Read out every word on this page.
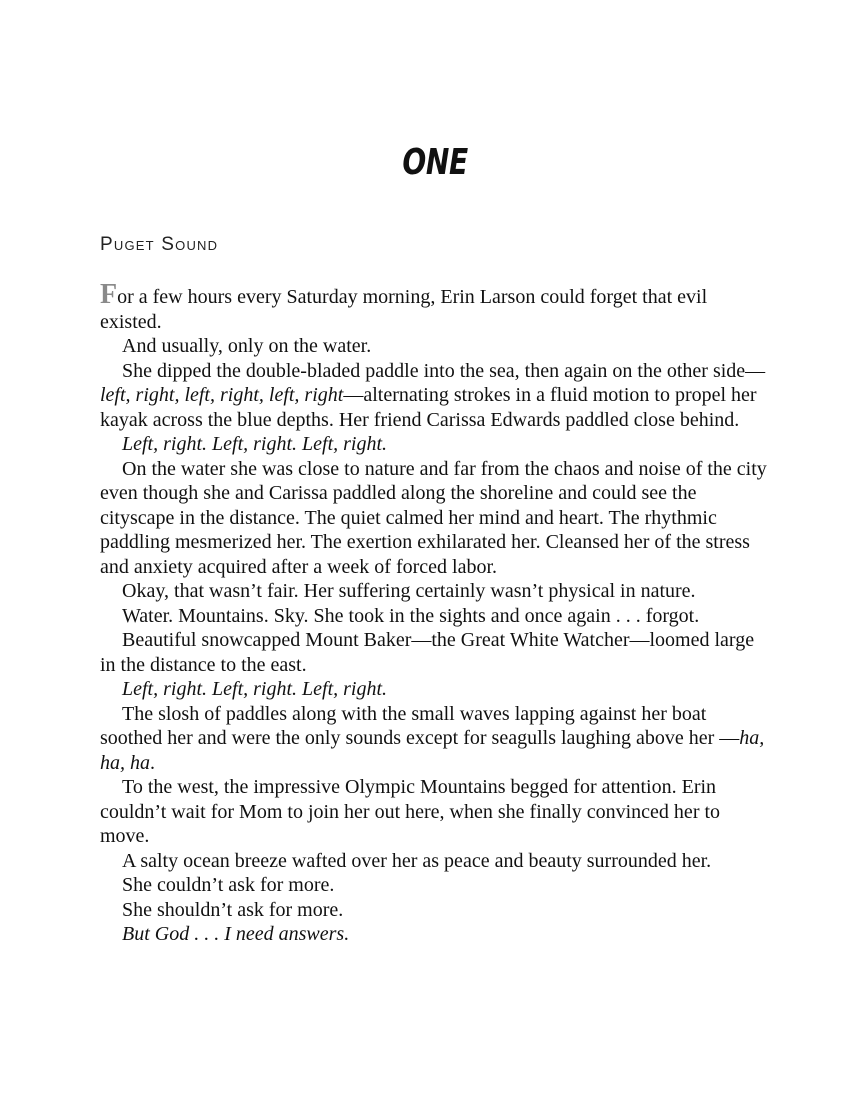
ONE
Puget Sound

For a few hours every Saturday morning, Erin Larson could forget that evil existed.

And usually, only on the water.

She dipped the double-bladed paddle into the sea, then again on the other side—left, right, left, right, left, right—alternating strokes in a fluid motion to propel her kayak across the blue depths. Her friend Carissa Edwards paddled close behind.

Left, right. Left, right. Left, right.

On the water she was close to nature and far from the chaos and noise of the city even though she and Carissa paddled along the shoreline and could see the cityscape in the distance. The quiet calmed her mind and heart. The rhythmic paddling mesmerized her. The exertion exhilarated her. Cleansed her of the stress and anxiety acquired after a week of forced labor.

Okay, that wasn’t fair. Her suffering certainly wasn’t physical in nature.

Water. Mountains. Sky. She took in the sights and once again . . . forgot.

Beautiful snowcapped Mount Baker—the Great White Watcher—loomed large in the distance to the east.

Left, right. Left, right. Left, right.

The slosh of paddles along with the small waves lapping against her boat soothed her and were the only sounds except for seagulls laughing above her —ha, ha, ha.

To the west, the impressive Olympic Mountains begged for attention. Erin couldn’t wait for Mom to join her out here, when she finally convinced her to move.

A salty ocean breeze wafted over her as peace and beauty surrounded her.

She couldn’t ask for more.

She shouldn’t ask for more.

But God . . . I need answers.
